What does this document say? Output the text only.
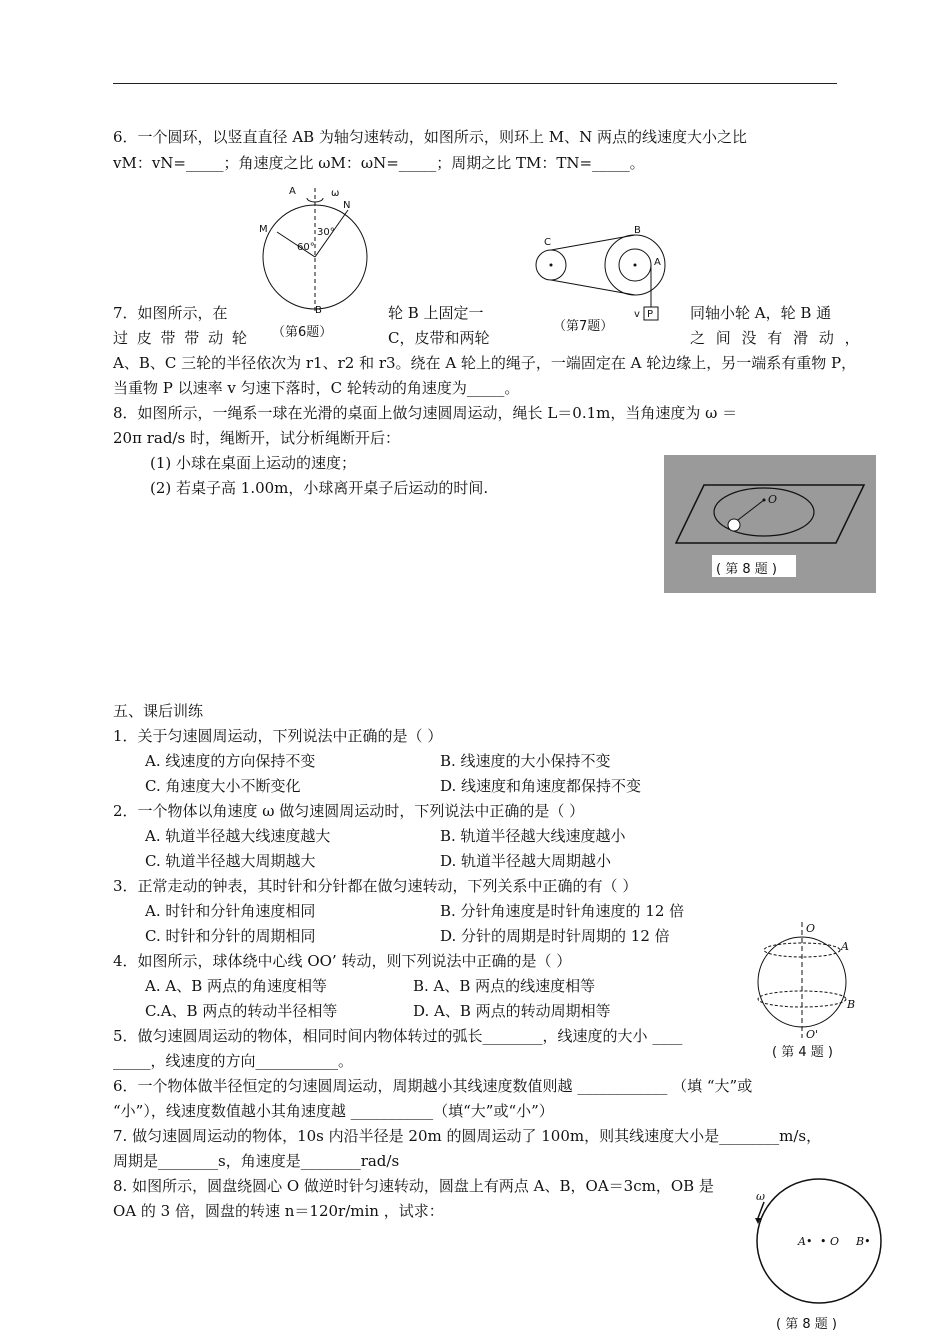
6．一个圆环，以竖直直径 AB 为轴匀速转动，如图所示，则环上 M、N 两点的线速度大小之比
vM：vN=_____；角速度之比 ωM：ωN=_____；周期之比 TM：TN=_____。
A
B
M
N
60°
30°
ω
（第6题）
7．如图所示，在	轮 B 上固定一	同轴小轮 A，轮 B 通
过 皮 带 带 动 轮	C，皮带和两轮	之 间 没 有 滑 动 ，
A、B、C 三轮的半径依次为 r1、r2 和 r3。绕在 A 轮上的绳子，一端固定在 A 轮边缘上，另一端系有重物 P，
当重物 P 以速率 v 匀速下落时，C 轮转动的角速度为_____。
P
C
B
A
v
（第7题）
8．如图所示，一绳系一球在光滑的桌面上做匀速圆周运动，绳长 L＝0.1m，当角速度为 ω ＝
20π rad/s 时，绳断开，试分析绳断开后：
(1) 小球在桌面上运动的速度；
(2) 若桌子高 1.00m，小球离开桌子后运动的时间.
O
( 第 8 题 )
五、课后训练
1．关于匀速圆周运动，下列说法中正确的是（ ）
A. 线速度的方向保持不变	B. 线速度的大小保持不变
C. 角速度大小不断变化	D. 线速度和角速度都保持不变
2．一个物体以角速度 ω 做匀速圆周运动时，下列说法中正确的是（ ）
A. 轨道半径越大线速度越大	B. 轨道半径越大线速度越小
C. 轨道半径越大周期越大	D. 轨道半径越大周期越小
3．正常走动的钟表，其时针和分针都在做匀速转动，下列关系中正确的有（ ）
A. 时针和分针角速度相同	B. 分针角速度是时针角速度的 12 倍
C. 时针和分针的周期相同	D. 分针的周期是时针周期的 12 倍
4．如图所示，球体绕中心线 OO’ 转动，则下列说法中正确的是（ ）
A. A、B 两点的角速度相等	B. A、B 两点的线速度相等
C.A、B 两点的转动半径相等	D. A、B 两点的转动周期相等
O
O'
A
B
( 第 4 题 )
5．做匀速圆周运动的物体，相同时间内物体转过的弧长________，线速度的大小 ____
_____，线速度的方向___________。
6．一个物体做半径恒定的匀速圆周运动，周期越小其线速度数值则越 ____________ （填 “大”或
“小”），线速度数值越小其角速度越 ___________（填“大”或“小”）
7. 做匀速圆周运动的物体，10s 内沿半径是 20m 的圆周运动了 100m，则其线速度大小是________m/s，
周期是________s，角速度是________rad/s
8. 如图所示，圆盘绕圆心 O 做逆时针匀速转动，圆盘上有两点 A、B，OA＝3cm，OB 是
OA 的 3 倍，圆盘的转速 n＝120r/min ，试求：
ω
A• • O B•
( 第 8 题 )
